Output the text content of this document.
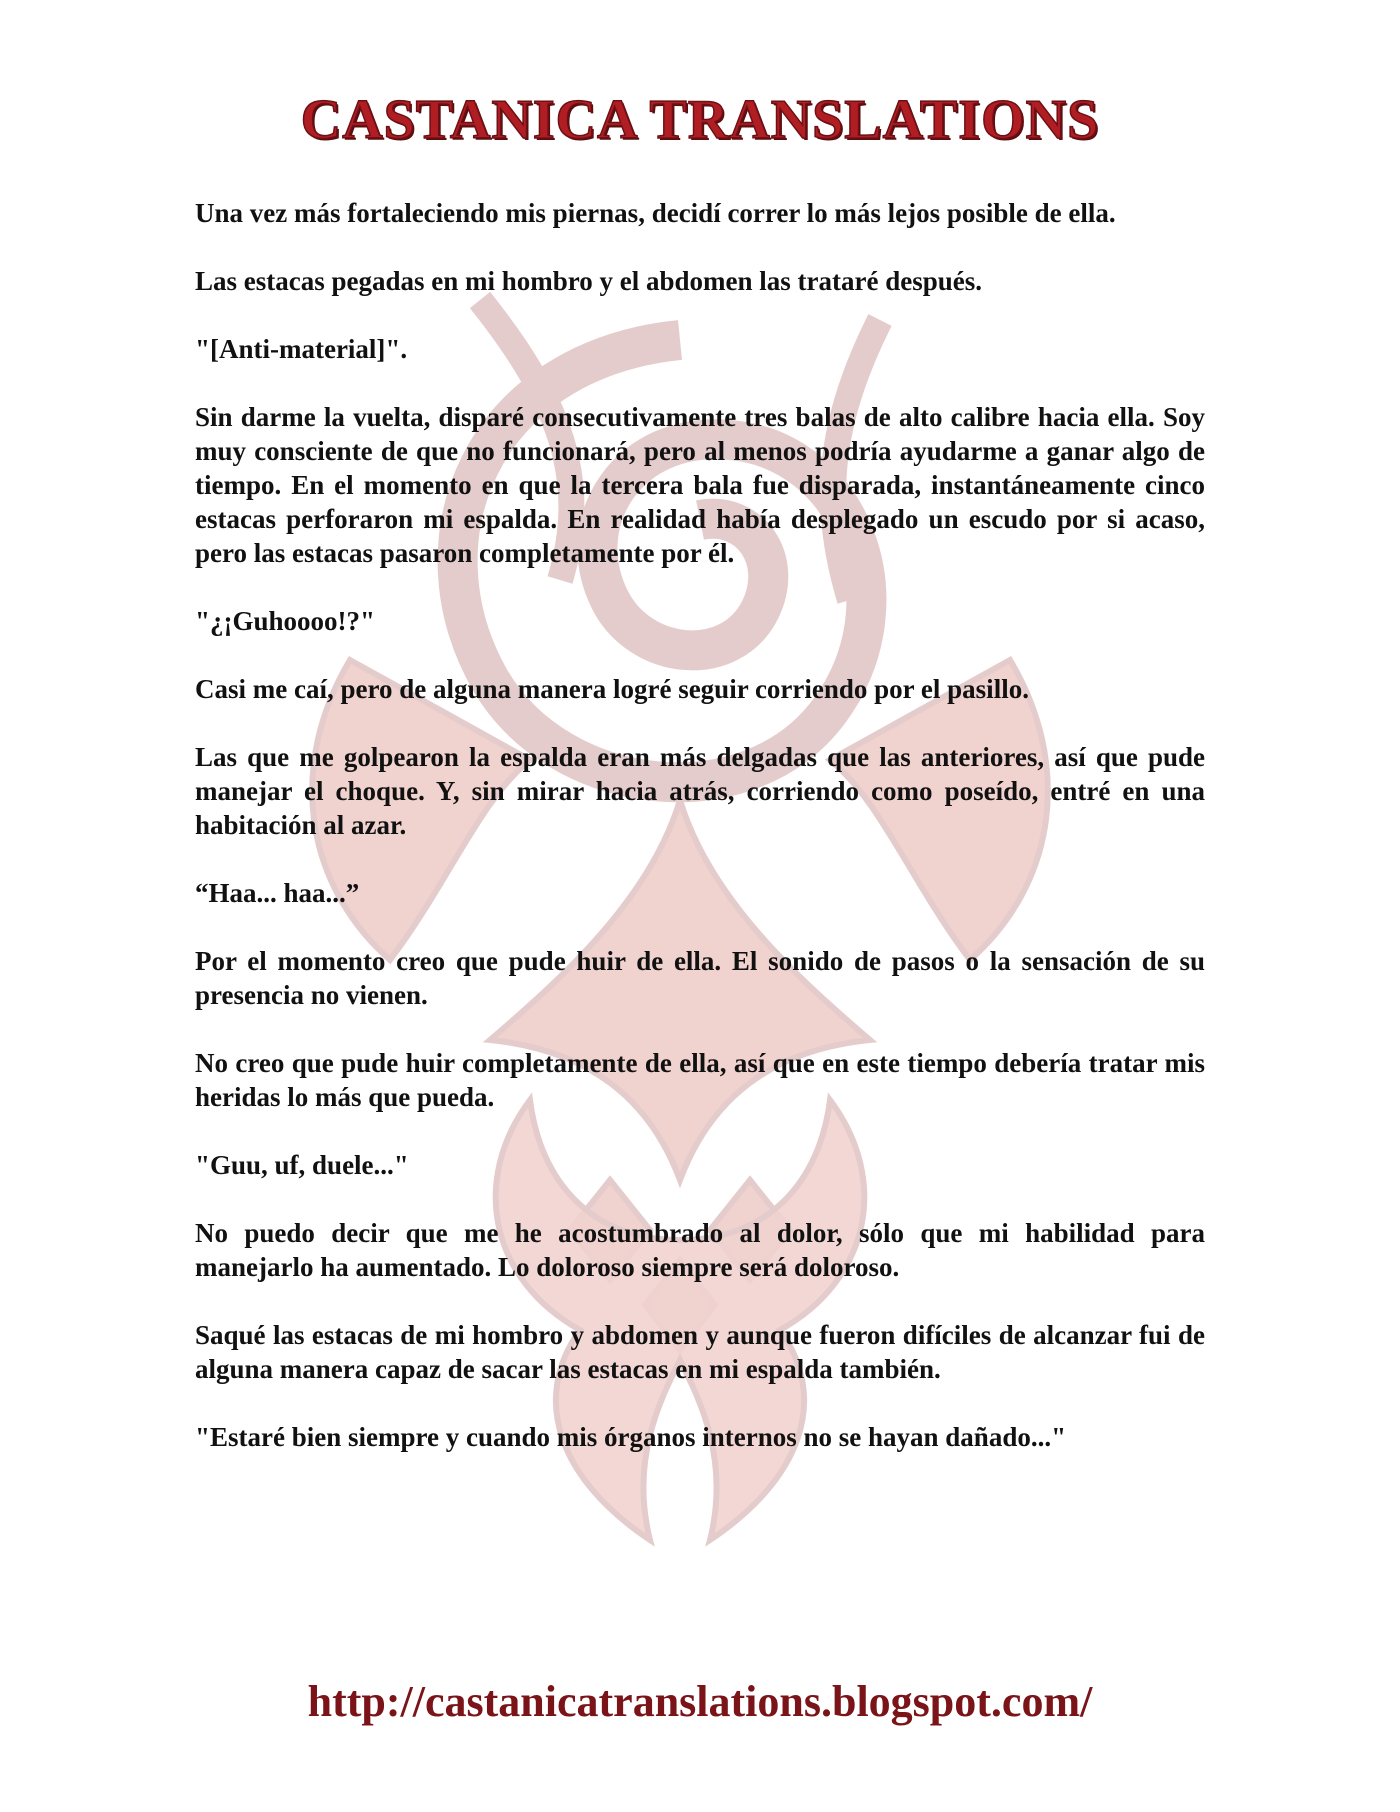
CASTANICA TRANSLATIONS

Una vez más fortaleciendo mis piernas, decidí correr lo más lejos posible de ella.

Las estacas pegadas en mi hombro y el abdomen las trataré después.

"[Anti-material]".

Sin darme la vuelta, disparé consecutivamente tres balas de alto calibre hacia ella. Soy muy consciente de que no funcionará, pero al menos podría ayudarme a ganar algo de tiempo. En el momento en que la tercera bala fue disparada, instantáneamente cinco estacas perforaron mi espalda. En realidad había desplegado un escudo por si acaso, pero las estacas pasaron completamente por él.

"¿¡Guhoooo!?"

Casi me caí, pero de alguna manera logré seguir corriendo por el pasillo.

Las que me golpearon la espalda eran más delgadas que las anteriores, así que pude manejar el choque. Y, sin mirar hacia atrás, corriendo como poseído, entré en una habitación al azar.

“Haa... haa...”

Por el momento creo que pude huir de ella. El sonido de pasos o la sensación de su presencia no vienen.

No creo que pude huir completamente de ella, así que en este tiempo debería tratar mis heridas lo más que pueda.

"Guu, uf, duele..."

No puedo decir que me he acostumbrado al dolor, sólo que mi habilidad para manejarlo ha aumentado. Lo doloroso siempre será doloroso.

Saqué las estacas de mi hombro y abdomen y aunque fueron difíciles de alcanzar fui de alguna manera capaz de sacar las estacas en mi espalda también.

"Estaré bien siempre y cuando mis órganos internos no se hayan dañado..."

http://castanicatranslations.blogspot.com/
